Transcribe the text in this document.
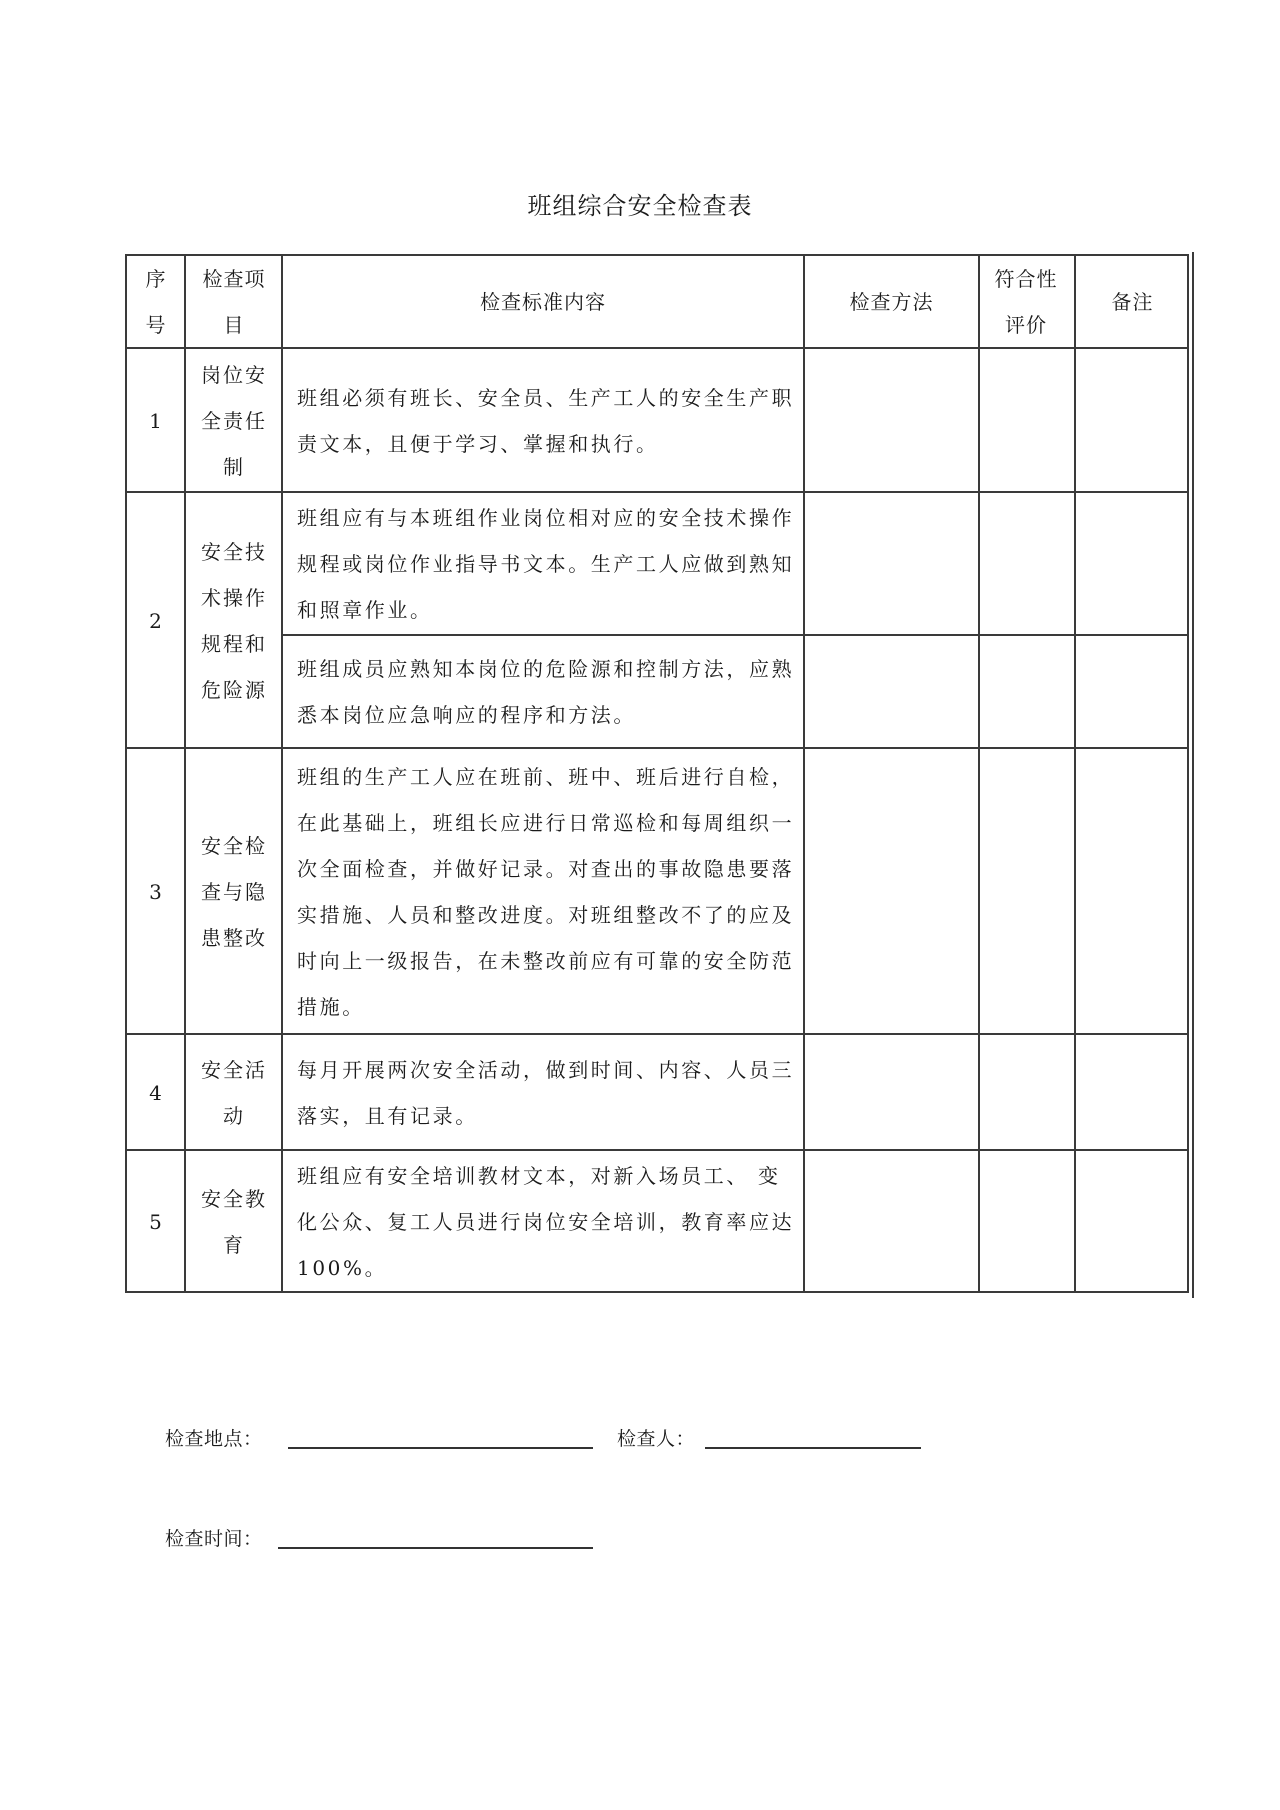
班组综合安全检查表
序号
检查项目
检查标准内容	检查方法
符合性评价
备注
1
岗位安全责任制
班组必须有班长、安全员、生产工人的安全生产职责文本，且便于学习、掌握和执行。
2
安全技术操作规程和危险源
班组应有与本班组作业岗位相对应的安全技术操作规程或岗位作业指导书文本。生产工人应做到熟知和照章作业。
班组成员应熟知本岗位的危险源和控制方法，应熟悉本岗位应急响应的程序和方法。
3
安全检查与隐患整改
班组的生产工人应在班前、班中、班后进行自检，在此基础上，班组长应进行日常巡检和每周组织一次全面检查，并做好记录。对查出的事故隐患要落实措施、人员和整改进度。对班组整改不了的应及时向上一级报告，在未整改前应有可靠的安全防范措施。
4
安全活动
每月开展两次安全活动，做到时间、内容、人员三落实，且有记录。
5
安全教育
班组应有安全培训教材文本，对新入场员工、 变化公众、复工人员进行岗位安全培训，教育率应达100%。
检查地点：	检查人：
检查时间：
